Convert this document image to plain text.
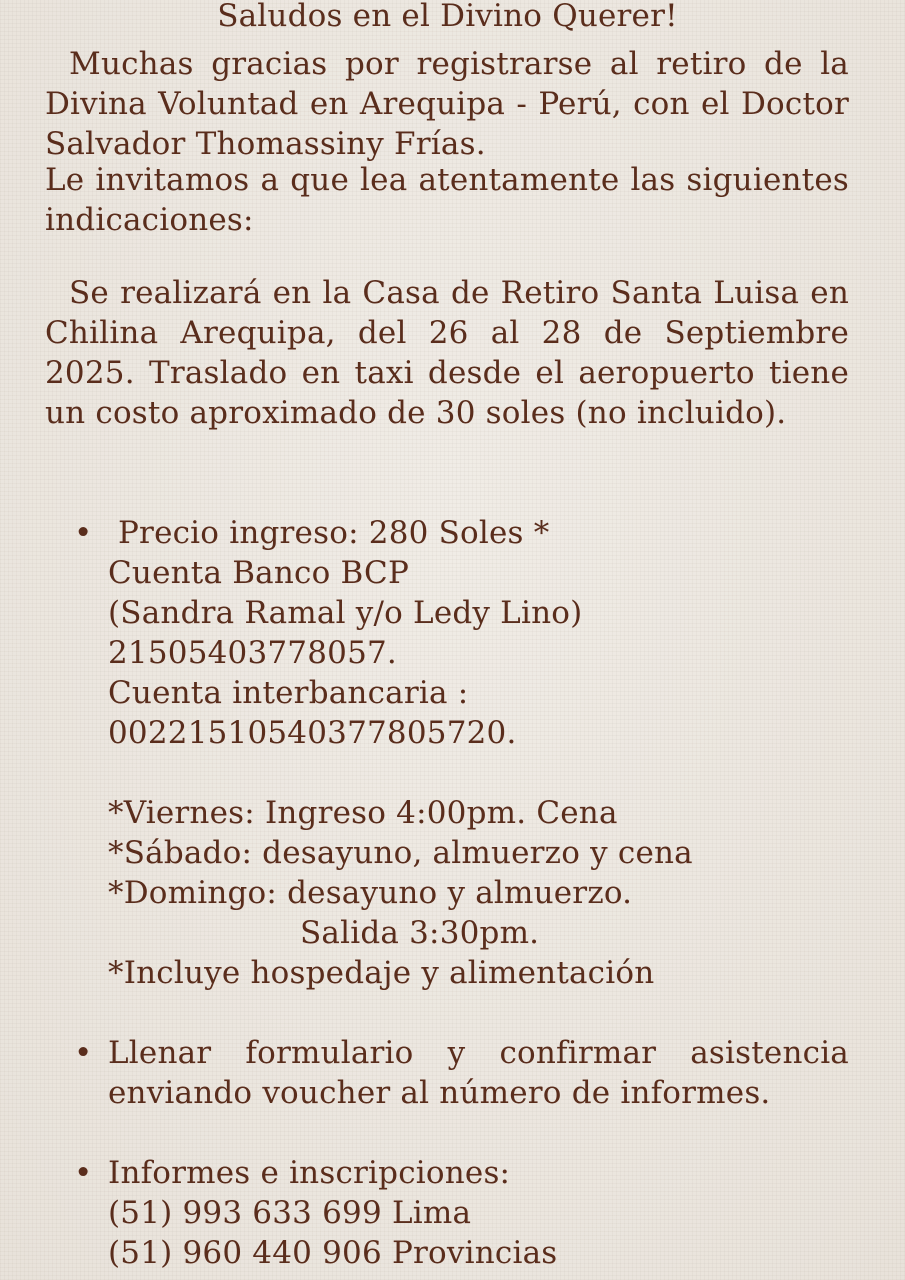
Saludos en el Divino Querer!
Muchas gracias por registrarse al retiro de la Divina Voluntad en Arequipa - Perú, con el Doctor Salvador Thomassiny Frías.
Le invitamos a que lea atentamente las siguientes indicaciones:
Se realizará en la Casa de Retiro Santa Luisa en Chilina Arequipa, del 26 al 28 de Septiembre 2025. Traslado en taxi desde el aeropuerto tiene un costo aproximado de 30 soles (no incluido).
• Precio ingreso: 280 Soles *
Cuenta Banco BCP
(Sandra Ramal y/o Ledy Lino)
21505403778057.
Cuenta interbancaria :
00221510540377805720.
*Viernes: Ingreso 4:00pm. Cena
*Sábado: desayuno, almuerzo y cena
*Domingo: desayuno y almuerzo.
Salida 3:30pm.
*Incluye hospedaje y alimentación
• Llenar formulario y confirmar asistencia
enviando voucher al número de informes.
• Informes e inscripciones:
(51) 993 633 699 Lima
(51) 960 440 906 Provincias
